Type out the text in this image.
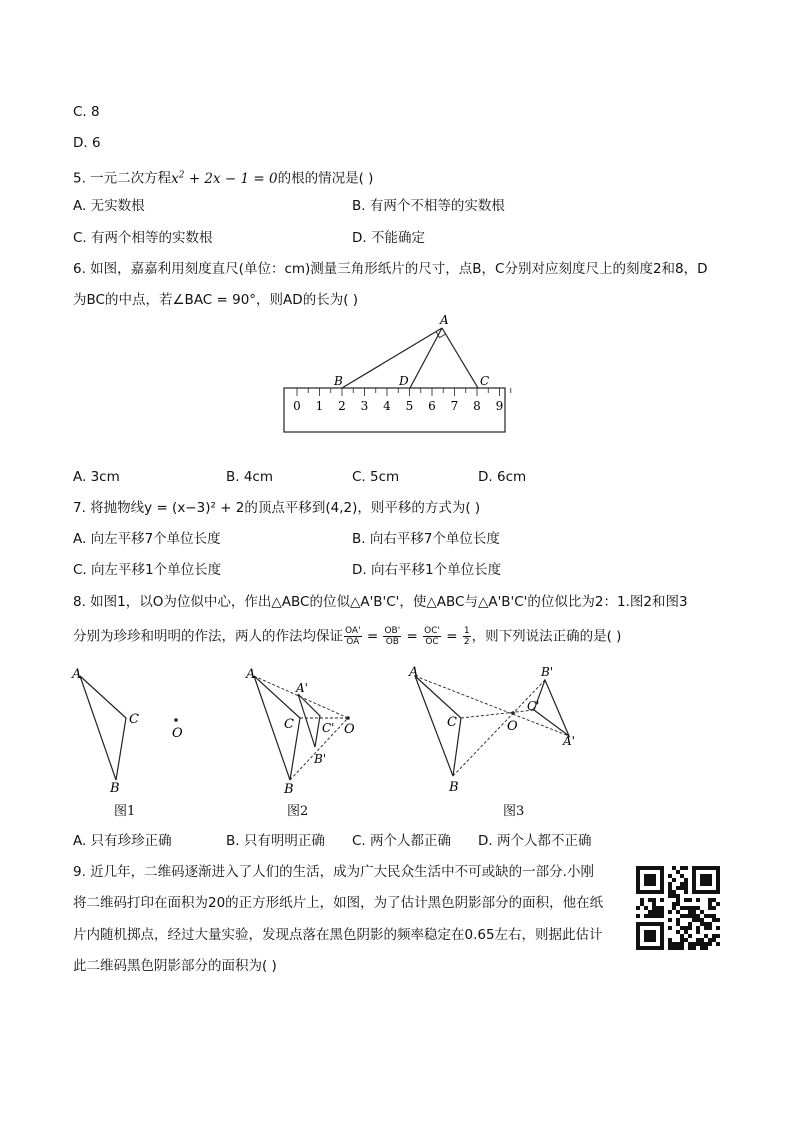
C. 8
D. 6
5. 一元二次方程$x^2 + 2x - 1 = 0$的根的情况是( )
A. 无实数根	B. 有两个不相等的实数根
C. 有两个相等的实数根	D. 不能确定
6. 如图，嘉嘉利用刻度直尺(单位：cm)测量三角形纸片的尺寸，点B，C分别对应刻度尺上的刻度2和8，D
为BC的中点，若∠BAC = 90°，则AD的长为( )
0 1 2 3 4 5 6 7 8 9
A
B	D	C
A. 3cm	B. 4cm	C. 5cm	D. 6cm
7. 将抛物线y = (x−3)² + 2的顶点平移到(4,2)，则平移的方式为( )
A. 向左平移7个单位长度	B. 向右平移7个单位长度
C. 向左平移1个单位长度	D. 向右平移1个单位长度
8. 如图1，以O为位似中心，作出△ABC的位似△A'B'C'，使△ABC与△A'B'C'的位似比为2：1.图2和图3
分别为珍珍和明明的作法，两人的作法均保证 $\frac{OA'}{OA} = \frac{OB'}{OB} = \frac{OC'}{OC} = \frac{1}{2}$ ，则下列说法正确的是( )
A
C
B
O
图1
A
C
B
A'
C'
B'
O
图2
A
C
B
B'
C'
A'
O
图3
A. 只有珍珍正确	B. 只有明明正确 C. 两个人都正确 D. 两个人都不正确
9. 近几年，二维码逐渐进入了人们的生活，成为广大民众生活中不可或缺的一部分.小刚
将二维码打印在面积为20的正方形纸片上，如图，为了估计黑色阴影部分的面积，他在纸
片内随机掷点，经过大量实验，发现点落在黑色阴影的频率稳定在0.65左右，则据此估计
此二维码黑色阴影部分的面积为( )
